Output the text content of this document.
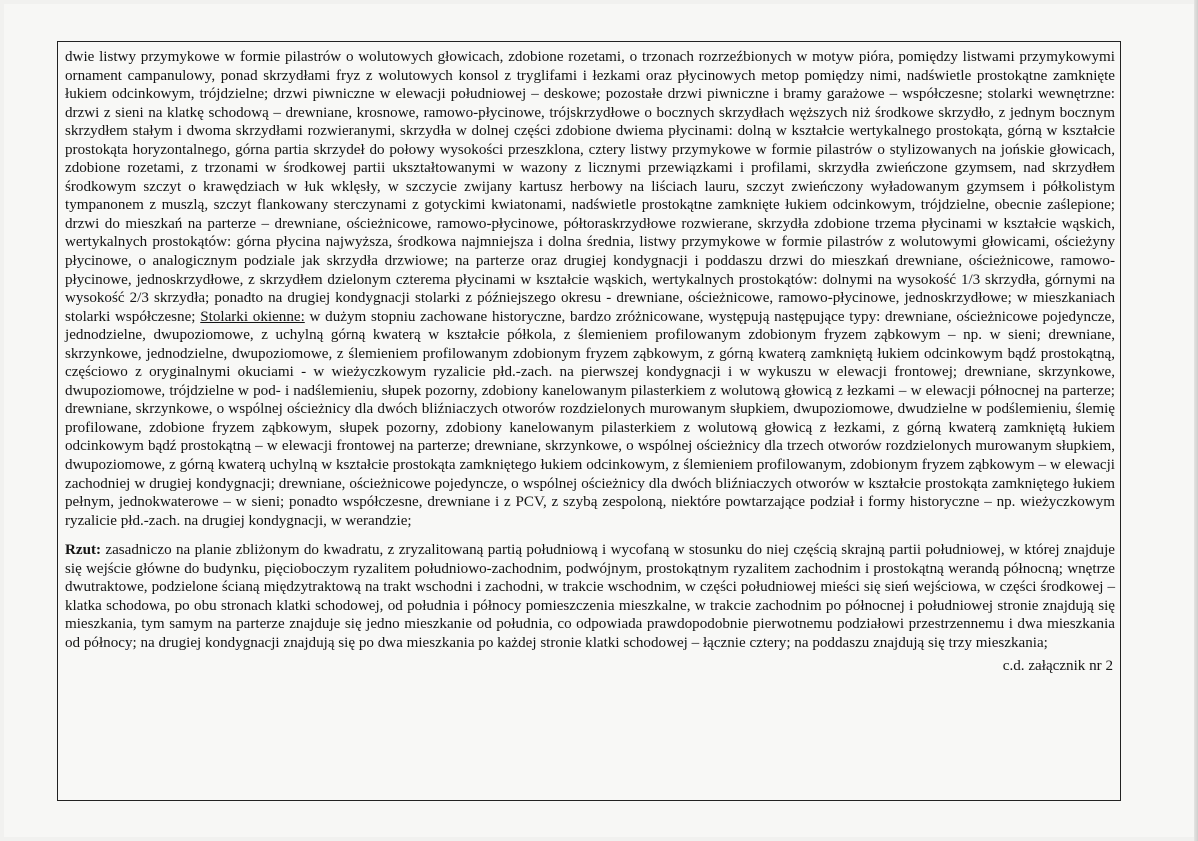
dwie listwy przymykowe w formie pilastrów o wolutowych głowicach, zdobione rozetami, o trzonach rozrzeźbionych w motyw pióra, pomiędzy listwami przymykowymi ornament campanulowy, ponad skrzydłami fryz z wolutowych konsol z tryglifami i łezkami oraz płycinowych metop pomiędzy nimi, nadświetle prostokątne zamknięte łukiem odcinkowym, trójdzielne; drzwi piwniczne w elewacji południowej – deskowe; pozostałe drzwi piwniczne i bramy garażowe – współczesne; stolarki wewnętrzne: drzwi z sieni na klatkę schodową – drewniane, krosnowe, ramowo-płycinowe, trójskrzydłowe o bocznych skrzydłach węższych niż środkowe skrzydło, z jednym bocznym skrzydłem stałym i dwoma skrzydłami rozwieranymi, skrzydła w dolnej części zdobione dwiema płycinami: dolną w kształcie wertykalnego prostokąta, górną w kształcie prostokąta horyzontalnego, górna partia skrzydeł do połowy wysokości przeszklona, cztery listwy przymykowe w formie pilastrów o stylizowanych na jońskie głowicach, zdobione rozetami, z trzonami w środkowej partii ukształtowanymi w wazony z licznymi przewiązkami i profilami, skrzydła zwieńczone gzymsem, nad skrzydłem środkowym szczyt o krawędziach w łuk wklęsły, w szczycie zwijany kartusz herbowy na liściach lauru, szczyt zwieńczony wyładowanym gzymsem i półkolistym tympanonem z muszlą, szczyt flankowany sterczynami z gotyckimi kwiatonami, nadświetle prostokątne zamknięte łukiem odcinkowym, trójdzielne, obecnie zaślepione; drzwi do mieszkań na parterze – drewniane, ościeżnicowe, ramowo-płycinowe, półtoraskrzydłowe rozwierane, skrzydła zdobione trzema płycinami w kształcie wąskich, wertykalnych prostokątów: górna płycina najwyższa, środkowa najmniejsza i dolna średnia, listwy przymykowe w formie pilastrów z wolutowymi głowicami, ościeżyny płycinowe, o analogicznym podziale jak skrzydła drzwiowe; na parterze oraz drugiej kondygnacji i poddaszu drzwi do mieszkań drewniane, ościeżnicowe, ramowo-płycinowe, jednoskrzydłowe, z skrzydłem dzielonym czterema płycinami w kształcie wąskich, wertykalnych prostokątów: dolnymi na wysokość 1/3 skrzydła, górnymi na wysokość 2/3 skrzydła; ponadto na drugiej kondygnacji stolarki z późniejszego okresu - drewniane, ościeżnicowe, ramowo-płycinowe, jednoskrzydłowe; w mieszkaniach stolarki współczesne; Stolarki okienne: w dużym stopniu zachowane historyczne, bardzo zróżnicowane, występują następujące typy: drewniane, ościeżnicowe pojedyncze, jednodzielne, dwupoziomowe, z uchylną górną kwaterą w kształcie półkola, z ślemieniem profilowanym zdobionym fryzem ząbkowym – np. w sieni; drewniane, skrzynkowe, jednodzielne, dwupoziomowe, z ślemieniem profilowanym zdobionym fryzem ząbkowym, z górną kwaterą zamkniętą łukiem odcinkowym bądź prostokątną, częściowo z oryginalnymi okuciami - w wieżyczkowym ryzalicie płd.-zach. na pierwszej kondygnacji i w wykuszu w elewacji frontowej; drewniane, skrzynkowe, dwupoziomowe, trójdzielne w pod- i nadślemieniu, słupek pozorny, zdobiony kanelowanym pilasterkiem z wolutową głowicą z łezkami – w elewacji północnej na parterze; drewniane, skrzynkowe, o wspólnej ościeżnicy dla dwóch bliźniaczych otworów rozdzielonych murowanym słupkiem, dwupoziomowe, dwudzielne w podślemieniu, ślemię profilowane, zdobione fryzem ząbkowym, słupek pozorny, zdobiony kanelowanym pilasterkiem z wolutową głowicą z łezkami, z górną kwaterą zamkniętą łukiem odcinkowym bądź prostokątną – w elewacji frontowej na parterze; drewniane, skrzynkowe, o wspólnej ościeżnicy dla trzech otworów rozdzielonych murowanym słupkiem, dwupoziomowe, z górną kwaterą uchylną w kształcie prostokąta zamkniętego łukiem odcinkowym, z ślemieniem profilowanym, zdobionym fryzem ząbkowym – w elewacji zachodniej w drugiej kondygnacji; drewniane, ościeżnicowe pojedyncze, o wspólnej ościeżnicy dla dwóch bliźniaczych otworów w kształcie prostokąta zamkniętego łukiem pełnym, jednokwaterowe – w sieni; ponadto współczesne, drewniane i z PCV, z szybą zespoloną, niektóre powtarzające podział i formy historyczne – np. wieżyczkowym ryzalicie płd.-zach. na drugiej kondygnacji, w werandzie;

Rzut: zasadniczo na planie zbliżonym do kwadratu, z zryzalitowaną partią południową i wycofaną w stosunku do niej częścią skrajną partii południowej, w której znajduje się wejście główne do budynku, pięcioboczym ryzalitem południowo-zachodnim, podwójnym, prostokątnym ryzalitem zachodnim i prostokątną werandą północną; wnętrze dwutraktowe, podzielone ścianą międzytraktową na trakt wschodni i zachodni, w trakcie wschodnim, w części południowej mieści się sień wejściowa, w części środkowej – klatka schodowa, po obu stronach klatki schodowej, od południa i północy pomieszczenia mieszkalne, w trakcie zachodnim po północnej i południowej stronie znajdują się mieszkania, tym samym na parterze znajduje się jedno mieszkanie od południa, co odpowiada prawdopodobnie pierwotnemu podziałowi przestrzennemu i dwa mieszkania od północy; na drugiej kondygnacji znajdują się po dwa mieszkania po każdej stronie klatki schodowej – łącznie cztery; na poddaszu znajdują się trzy mieszkania;

c.d. załącznik nr 2
